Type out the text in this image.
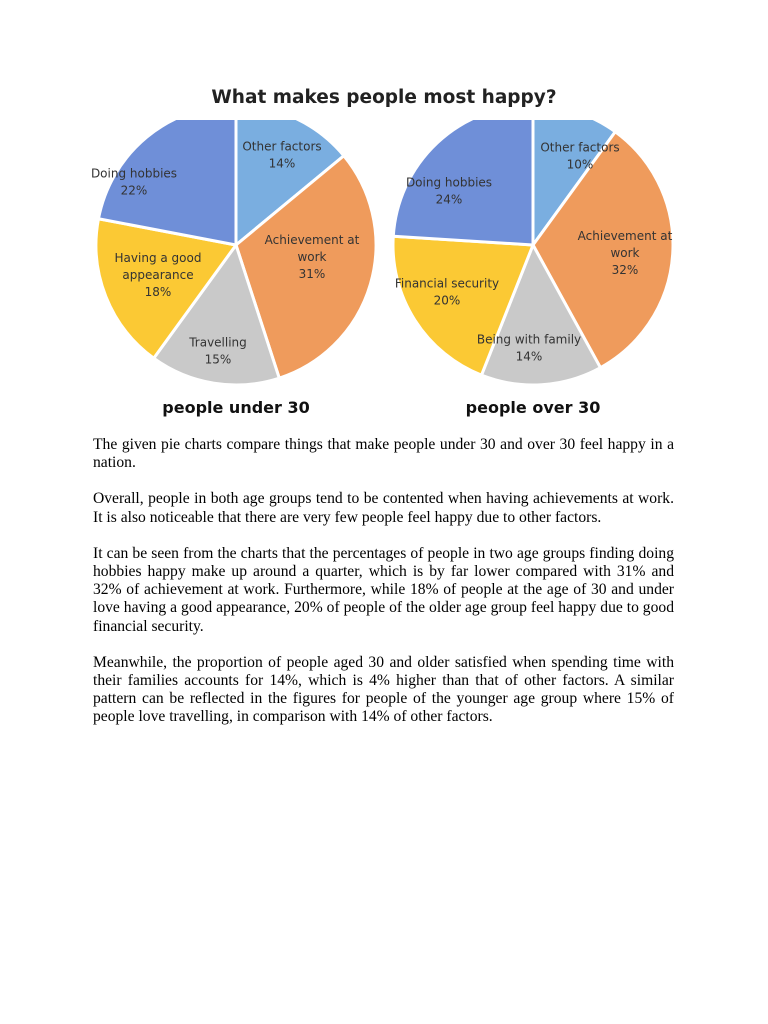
What makes people most happy?
Other factors 14%
Achievement at work 31%
Travelling 15%
Having a good appearance 18%
Doing hobbies 22%
people under 30
Other factors 10%
Achievement at work 32%
Being with family 14%
Financial security 20%
Doing hobbies 24%
people over 30

The given pie charts compare things that make people under 30 and over 30 feel happy in a nation.

Overall, people in both age groups tend to be contented when having achievements at work. It is also noticeable that there are very few people feel happy due to other factors.

It can be seen from the charts that the percentages of people in two age groups finding doing hobbies happy make up around a quarter, which is by far lower compared with 31% and 32% of achievement at work. Furthermore, while 18% of people at the age of 30 and under love having a good appearance, 20% of people of the older age group feel happy due to good financial security.

Meanwhile, the proportion of people aged 30 and older satisfied when spending time with their families accounts for 14%, which is 4% higher than that of other factors. A similar pattern can be reflected in the figures for people of the younger age group where 15% of people love travelling, in comparison with 14% of other factors.
